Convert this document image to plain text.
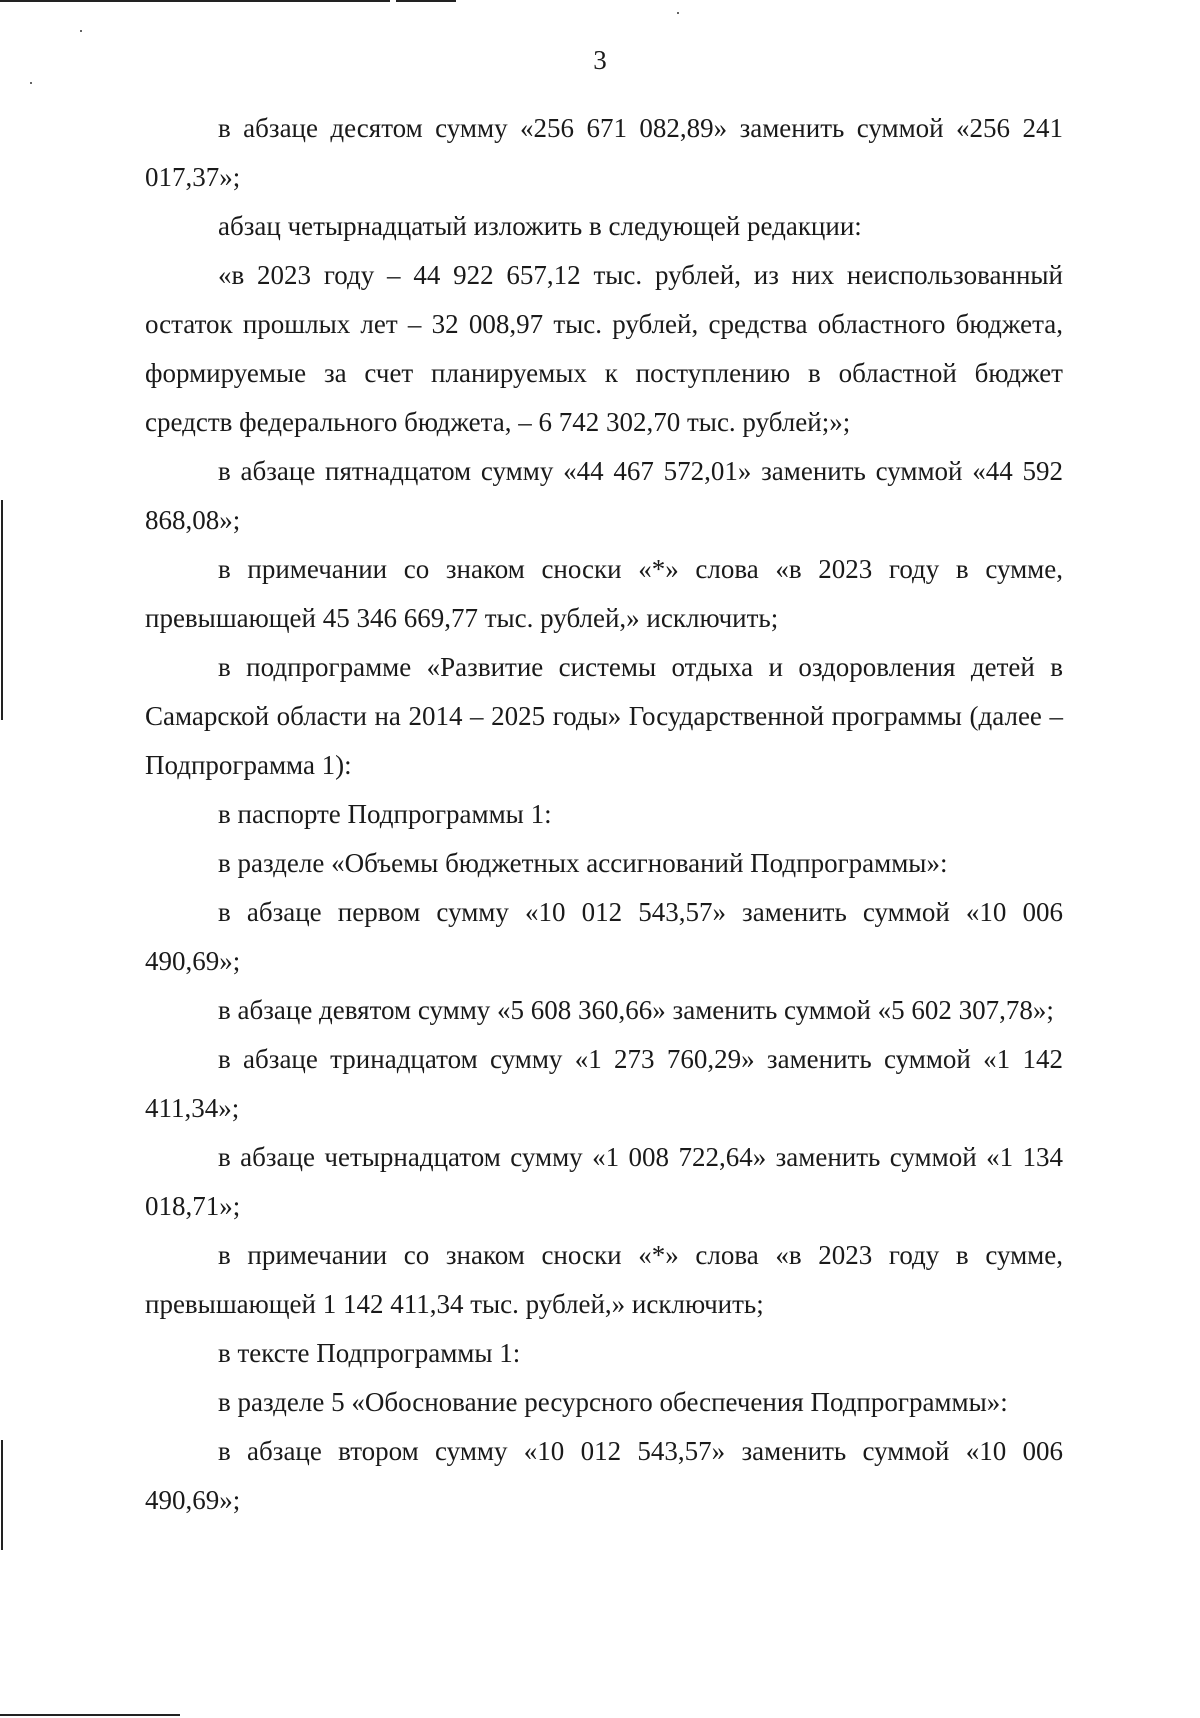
3

в абзаце десятом сумму «256 671 082,89» заменить суммой «256 241 017,37»;

абзац четырнадцатый изложить в следующей редакции:

«в 2023 году – 44 922 657,12 тыс. рублей, из них неиспользованный остаток прошлых лет – 32 008,97 тыс. рублей, средства областного бюджета, формируемые за счет планируемых к поступлению в областной бюджет средств федерального бюджета, – 6 742 302,70 тыс. рублей;»;

в абзаце пятнадцатом сумму «44 467 572,01» заменить суммой «44 592 868,08»;

в примечании со знаком сноски «*» слова «в 2023 году в сумме, превышающей 45 346 669,77 тыс. рублей,» исключить;

в подпрограмме «Развитие системы отдыха и оздоровления детей в Самарской области на 2014 – 2025 годы» Государственной программы (далее – Подпрограмма 1):

в паспорте Подпрограммы 1:

в разделе «Объемы бюджетных ассигнований Подпрограммы»:

в абзаце первом сумму «10 012 543,57» заменить суммой «10 006 490,69»;

в абзаце девятом сумму «5 608 360,66» заменить суммой «5 602 307,78»;

в абзаце тринадцатом сумму «1 273 760,29» заменить суммой «1 142 411,34»;

в абзаце четырнадцатом сумму «1 008 722,64» заменить суммой «1 134 018,71»;

в примечании со знаком сноски «*» слова «в 2023 году в сумме, превышающей 1 142 411,34 тыс. рублей,» исключить;

в тексте Подпрограммы 1:

в разделе 5 «Обоснование ресурсного обеспечения Подпрограммы»:

в абзаце втором сумму «10 012 543,57» заменить суммой «10 006 490,69»;
